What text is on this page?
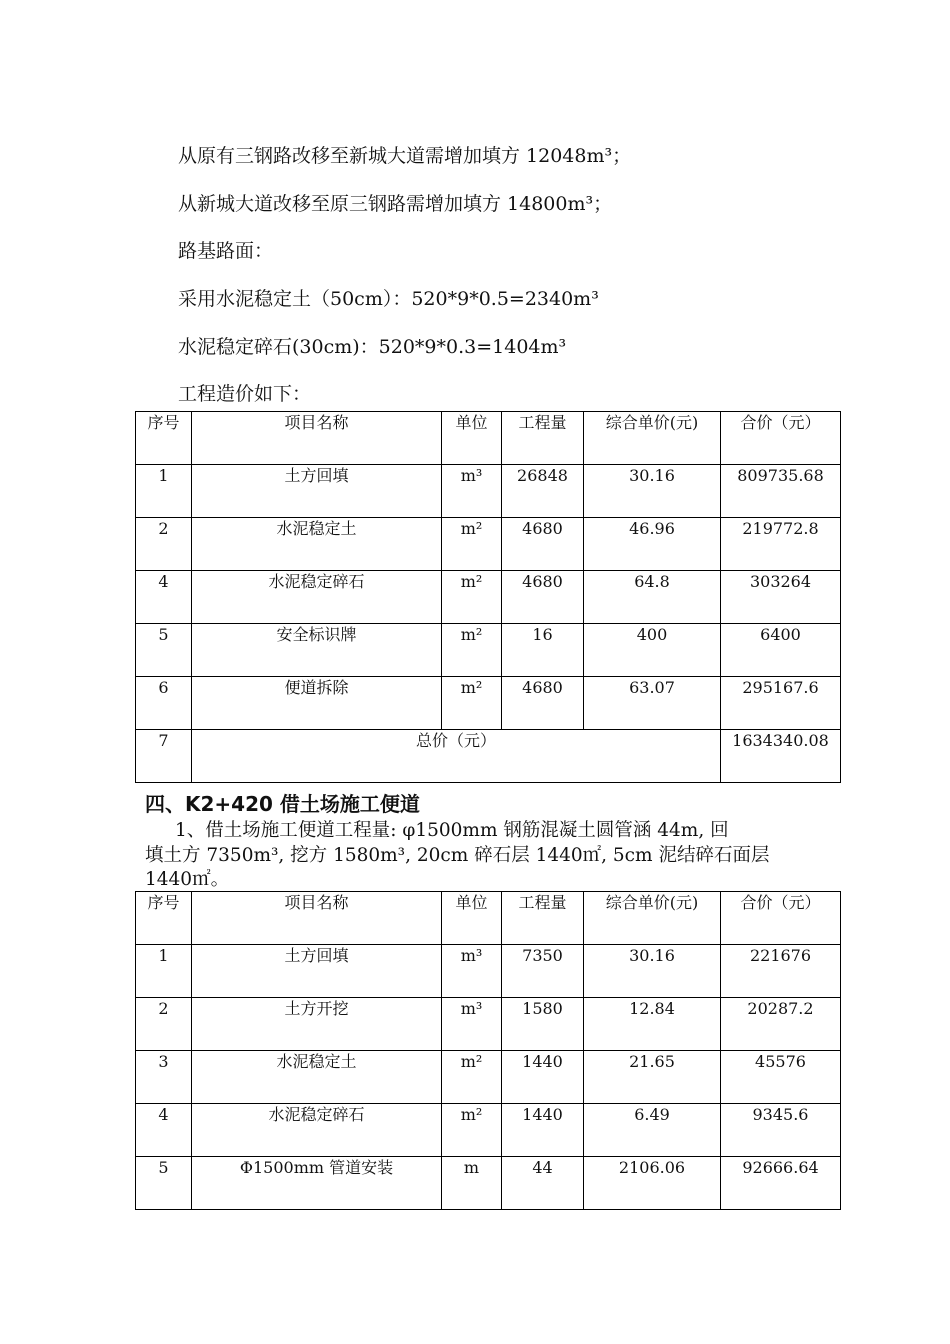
从原有三钢路改移至新城大道需增加填方 12048m³；
从新城大道改移至原三钢路需增加填方 14800m³；
路基路面：
采用水泥稳定土（50cm）：520*9*0.5=2340m³
水泥稳定碎石(30cm)：520*9*0.3=1404m³
工程造价如下：
序号	项目名称	单位	工程量	综合单价(元)	合价（元）
1	土方回填	m³	26848	30.16	809735.68
2	水泥稳定土	m²	4680	46.96	219772.8
4	水泥稳定碎石	m²	4680	64.8	303264
5	安全标识牌	m²	16	400	6400
6	便道拆除	m²	4680	63.07	295167.6
7	总价（元）				1634340.08
四、K2+420 借土场施工便道
1、借土场施工便道工程量: φ1500mm 钢筋混凝土圆管涵 44m, 回
填土方 7350m³, 挖方 1580m³, 20cm 碎石层 1440㎡, 5cm 泥结碎石面层
1440㎡。
序号	项目名称	单位	工程量	综合单价(元)	合价（元）
1	土方回填	m³	7350	30.16	221676
2	土方开挖	m³	1580	12.84	20287.2
3	水泥稳定土	m²	1440	21.65	45576
4	水泥稳定碎石	m²	1440	6.49	9345.6
5	Φ1500mm 管道安装	m	44	2106.06	92666.64
